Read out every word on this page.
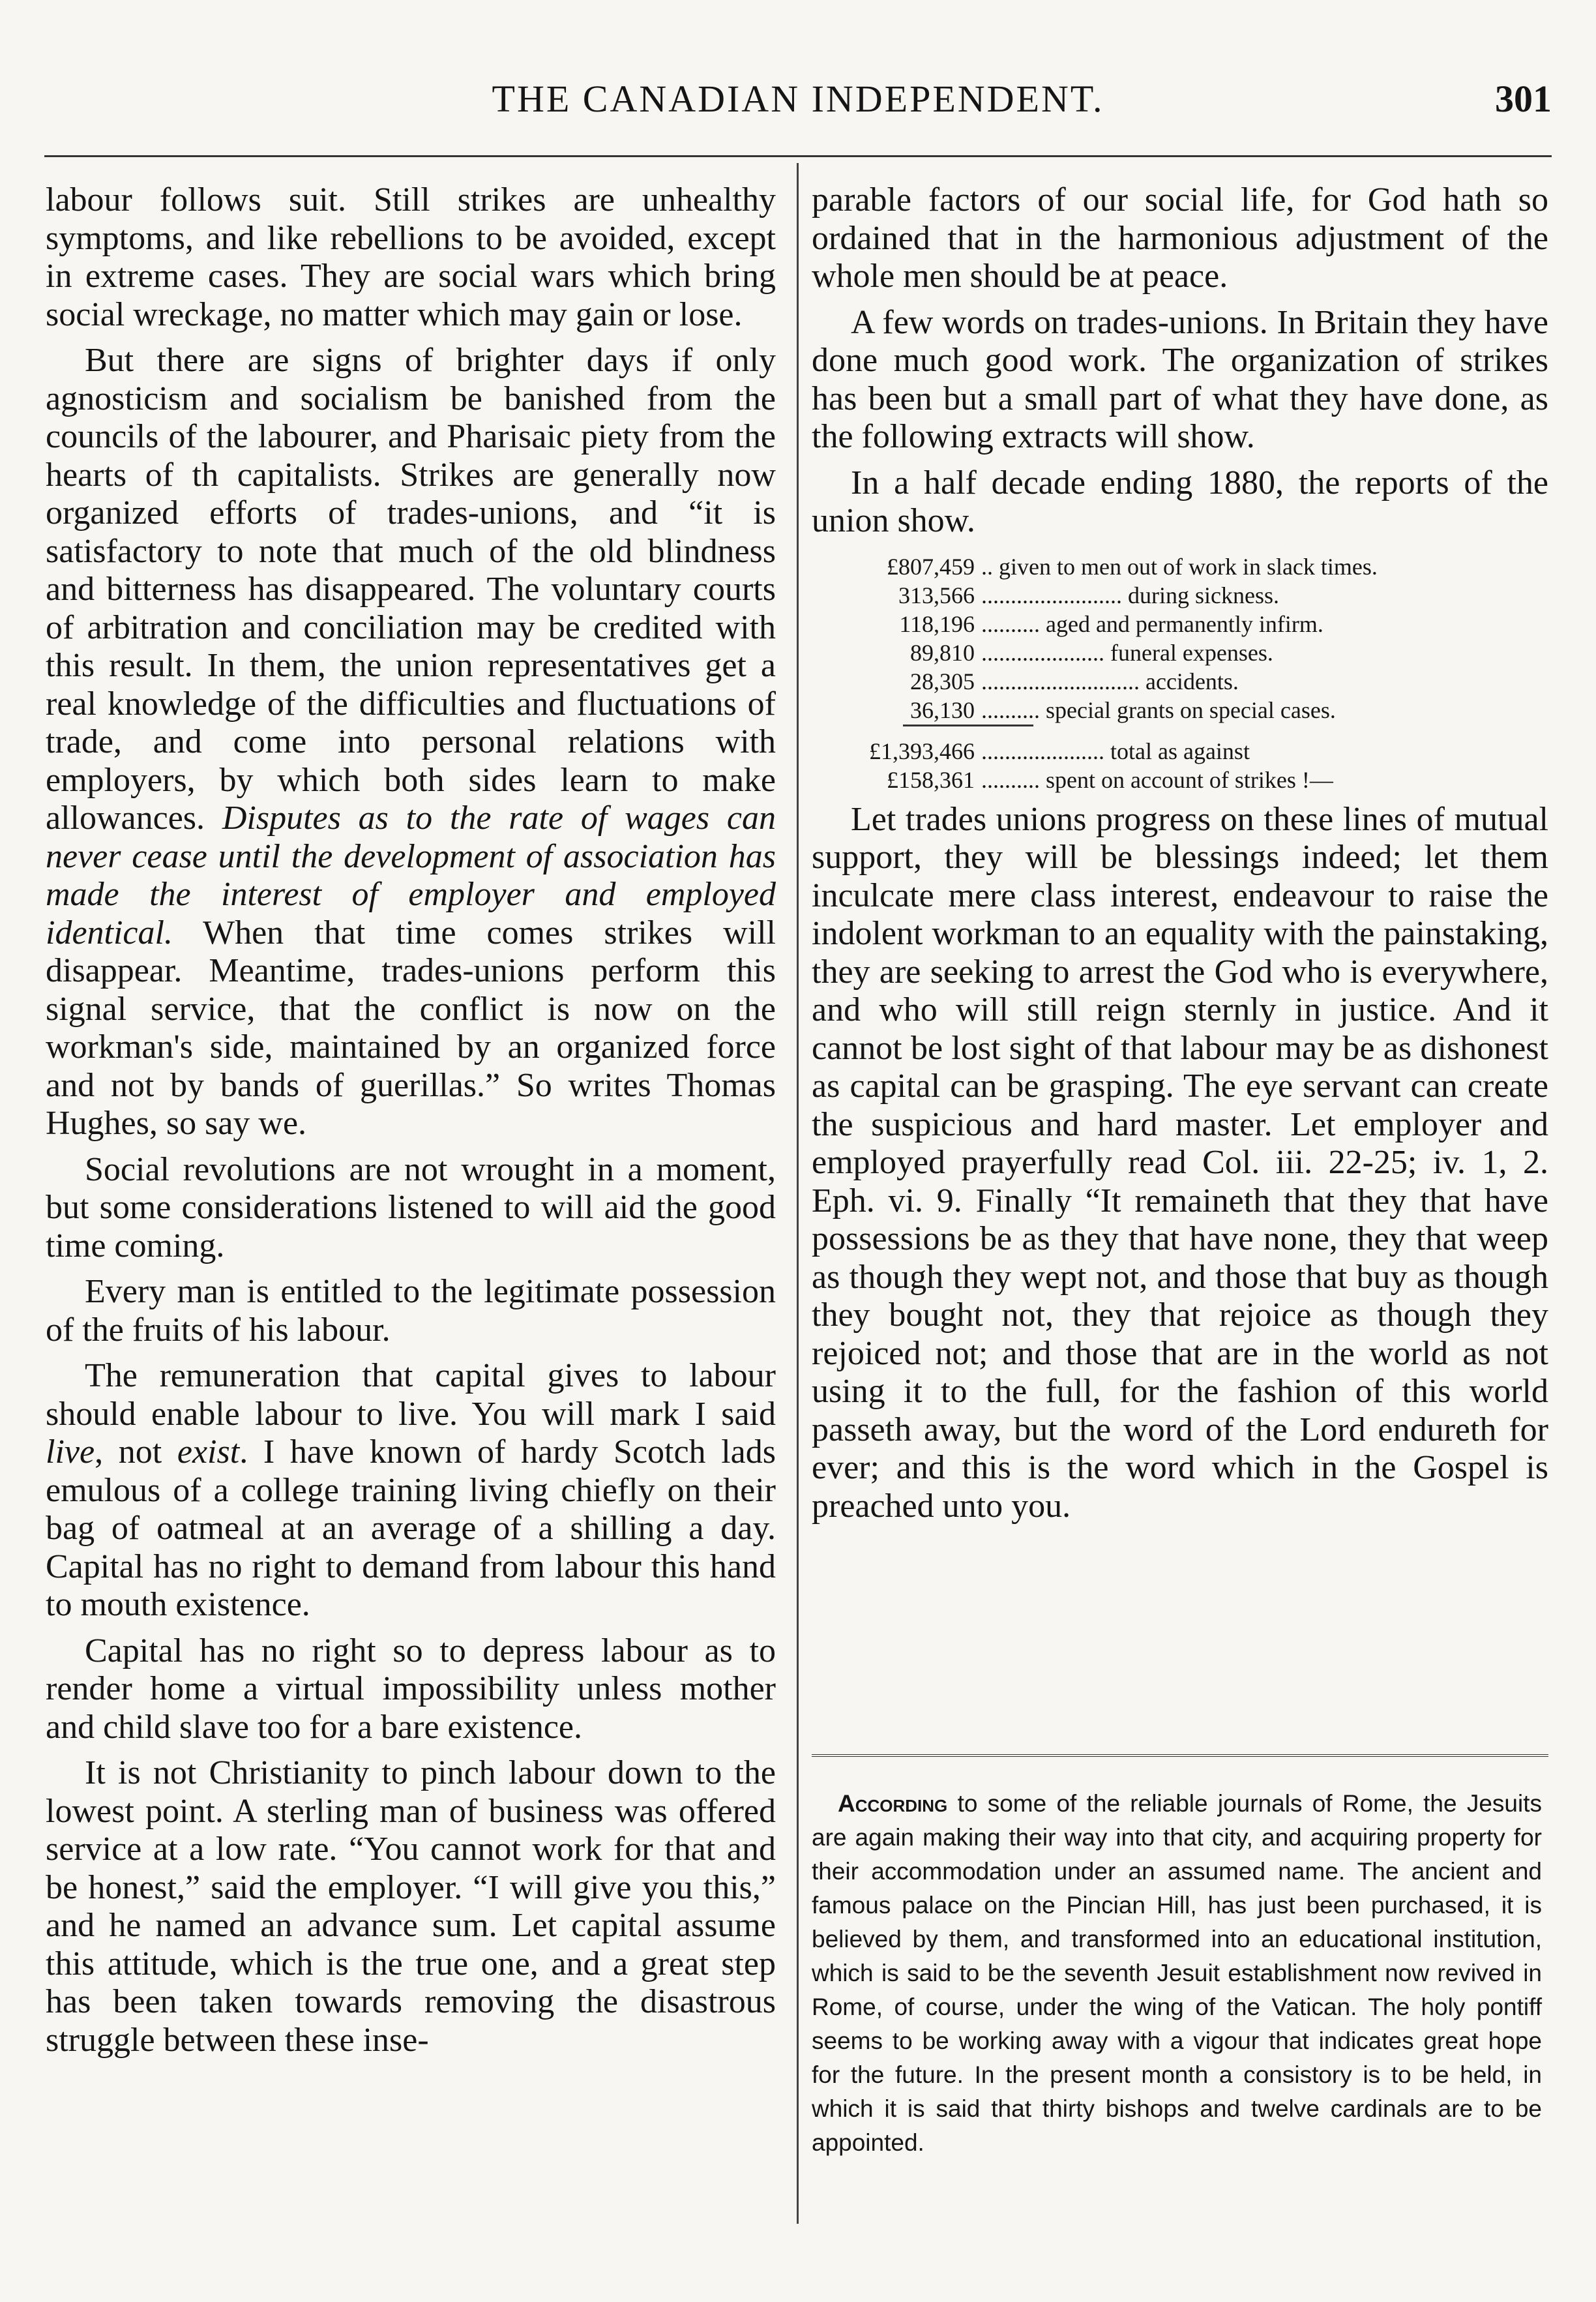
THE CANADIAN INDEPENDENT.	301

labour follows suit. Still strikes are unhealthy symptoms, and like rebellions to be avoided, except in extreme cases. They are social wars which bring social wreckage, no matter which may gain or lose.

But there are signs of brighter days if only agnosticism and socialism be banished from the councils of the labourer, and Pharisaic piety from the hearts of th capitalists. Strikes are generally now organized efforts of trades-unions, and “it is satisfactory to note that much of the old blindness and bitterness has disappeared. The voluntary courts of arbitration and conciliation may be credited with this result. In them, the union representatives get a real knowledge of the difficulties and fluctuations of trade, and come into personal relations with employers, by which both sides learn to make allowances. Disputes as to the rate of wages can never cease until the development of association has made the interest of employer and employed identical. When that time comes strikes will disappear. Meantime, trades-unions perform this signal service, that the conflict is now on the workman's side, maintained by an organized force and not by bands of guerillas.” So writes Thomas Hughes, so say we.

Social revolutions are not wrought in a moment, but some considerations listened to will aid the good time coming.

Every man is entitled to the legitimate possession of the fruits of his labour.

The remuneration that capital gives to labour should enable labour to live. You will mark I said live, not exist. I have known of hardy Scotch lads emulous of a college training living chiefly on their bag of oatmeal at an average of a shilling a day. Capital has no right to demand from labour this hand to mouth existence.

Capital has no right so to depress labour as to render home a virtual impossibility unless mother and child slave too for a bare existence.

It is not Christianity to pinch labour down to the lowest point. A sterling man of business was offered service at a low rate. “You cannot work for that and be honest,” said the employer. “I will give you this,” and he named an advance sum. Let capital assume this attitude, which is the true one, and a great step has been taken towards removing the disastrous struggle between these inse-

parable factors of our social life, for God hath so ordained that in the harmonious adjustment of the whole men should be at peace.

A few words on trades-unions. In Britain they have done much good work. The organization of strikes has been but a small part of what they have done, as the following extracts will show.

In a half decade ending 1880, the reports of the union show.

£807,459	.. given to men out of work in slack times.
313,566	........................ during sickness.
118,196	.......... aged and permanently infirm.
89,810	..................... funeral expenses.
28,305	........................... accidents.
36,130	.......... special grants on special cases.

£1,393,466	..................... total as against
£158,361	.......... spent on account of strikes !—

Let trades unions progress on these lines of mutual support, they will be blessings indeed; let them inculcate mere class interest, endeavour to raise the indolent workman to an equality with the painstaking, they are seeking to arrest the God who is everywhere, and who will still reign sternly in justice. And it cannot be lost sight of that labour may be as dishonest as capital can be grasping. The eye servant can create the suspicious and hard master. Let employer and employed prayerfully read Col. iii. 22-25; iv. 1, 2. Eph. vi. 9. Finally “It remaineth that they that have possessions be as they that have none, they that weep as though they wept not, and those that buy as though they bought not, they that rejoice as though they rejoiced not; and those that are in the world as not using it to the full, for the fashion of this world passeth away, but the word of the Lord endureth for ever; and this is the word which in the Gospel is preached unto you.

According to some of the reliable journals of Rome, the Jesuits are again making their way into that city, and acquiring property for their accommodation under an assumed name. The ancient and famous palace on the Pincian Hill, has just been purchased, it is believed by them, and transformed into an educational institution, which is said to be the seventh Jesuit establishment now revived in Rome, of course, under the wing of the Vatican. The holy pontiff seems to be working away with a vigour that indicates great hope for the future. In the present month a consistory is to be held, in which it is said that thirty bishops and twelve cardinals are to be appointed.
